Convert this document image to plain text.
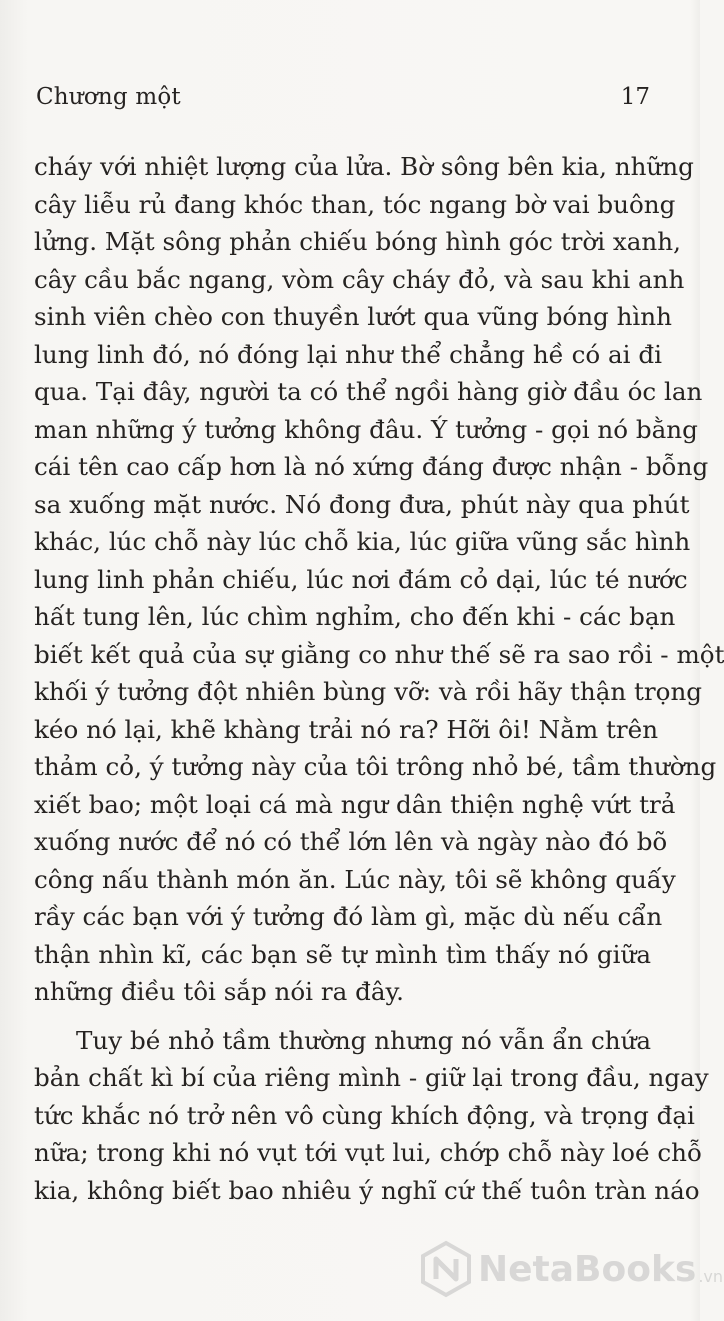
Chương một	17
cháy với nhiệt lượng của lửa. Bờ sông bên kia, những
cây liễu rủ đang khóc than, tóc ngang bờ vai buông
lửng. Mặt sông phản chiếu bóng hình góc trời xanh,
cây cầu bắc ngang, vòm cây cháy đỏ, và sau khi anh
sinh viên chèo con thuyền lướt qua vũng bóng hình
lung linh đó, nó đóng lại như thể chẳng hề có ai đi
qua. Tại đây, người ta có thể ngồi hàng giờ đầu óc lan
man những ý tưởng không đâu. Ý tưởng - gọi nó bằng
cái tên cao cấp hơn là nó xứng đáng được nhận - bỗng
sa xuống mặt nước. Nó đong đưa, phút này qua phút
khác, lúc chỗ này lúc chỗ kia, lúc giữa vũng sắc hình
lung linh phản chiếu, lúc nơi đám cỏ dại, lúc té nước
hất tung lên, lúc chìm nghỉm, cho đến khi - các bạn
biết kết quả của sự giằng co như thế sẽ ra sao rồi - một
khối ý tưởng đột nhiên bùng vỡ: và rồi hãy thận trọng
kéo nó lại, khẽ khàng trải nó ra? Hỡi ôi! Nằm trên
thảm cỏ, ý tưởng này của tôi trông nhỏ bé, tầm thường
xiết bao; một loại cá mà ngư dân thiện nghệ vứt trả
xuống nước để nó có thể lớn lên và ngày nào đó bõ
công nấu thành món ăn. Lúc này, tôi sẽ không quấy
rầy các bạn với ý tưởng đó làm gì, mặc dù nếu cẩn
thận nhìn kĩ, các bạn sẽ tự mình tìm thấy nó giữa
những điều tôi sắp nói ra đây.
Tuy bé nhỏ tầm thường nhưng nó vẫn ẩn chứa
bản chất kì bí của riêng mình - giữ lại trong đầu, ngay
tức khắc nó trở nên vô cùng khích động, và trọng đại
nữa; trong khi nó vụt tới vụt lui, chớp chỗ này loé chỗ
kia, không biết bao nhiêu ý nghĩ cứ thế tuôn tràn náo
NetaBooks .vn
